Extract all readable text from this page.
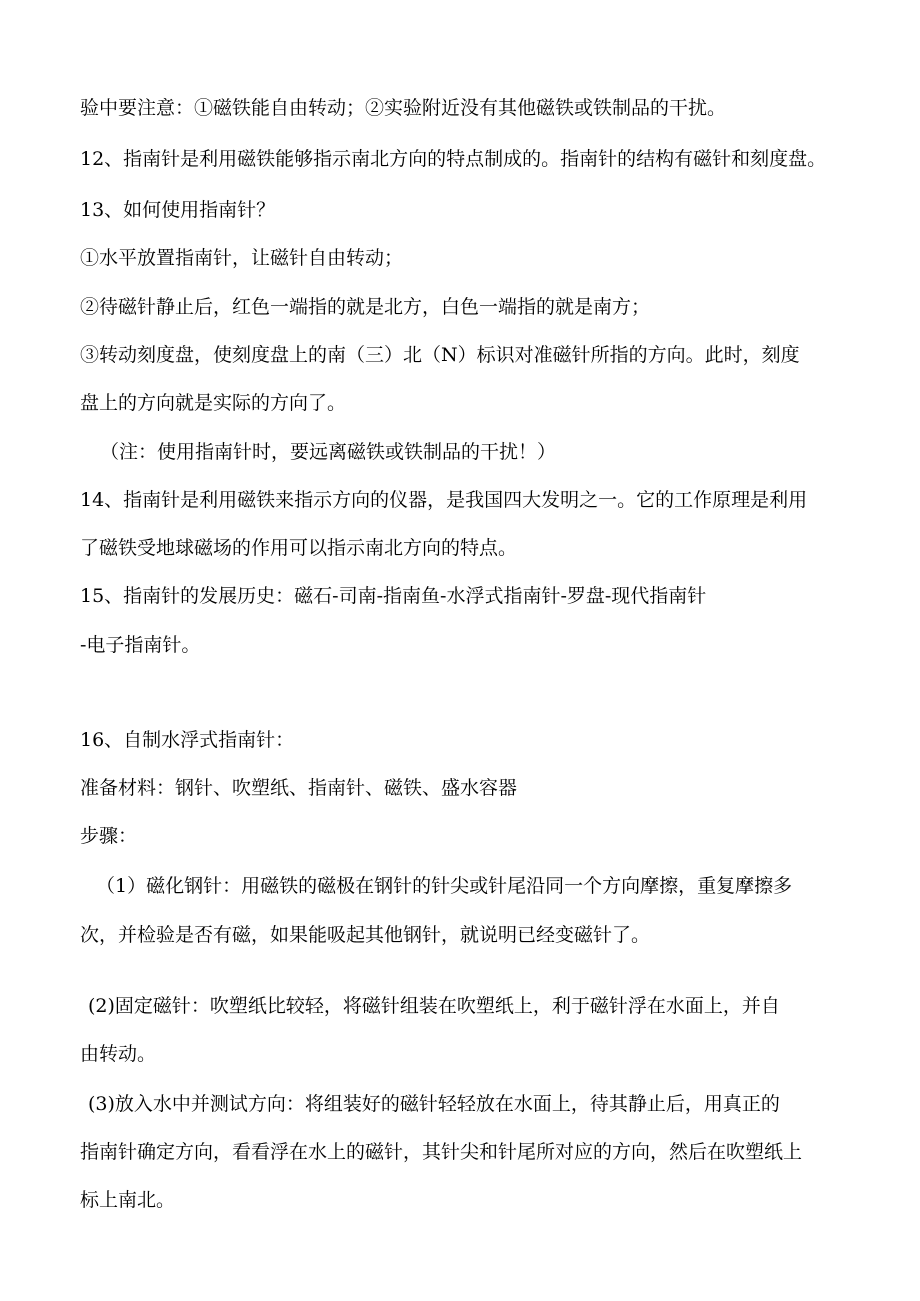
验中要注意：①磁铁能自由转动；②实验附近没有其他磁铁或铁制品的干扰。
12、指南针是利用磁铁能够指示南北方向的特点制成的。指南针的结构有磁针和刻度盘。
13、如何使用指南针？
①水平放置指南针，让磁针自由转动；
②待磁针静止后，红色一端指的就是北方，白色一端指的就是南方；
③转动刻度盘，使刻度盘上的南（三）北（N）标识对准磁针所指的方向。此时，刻度
盘上的方向就是实际的方向了。
（注：使用指南针时，要远离磁铁或铁制品的干扰！）
14、指南针是利用磁铁来指示方向的仪器，是我国四大发明之一。它的工作原理是利用
了磁铁受地球磁场的作用可以指示南北方向的特点。
15、指南针的发展历史：磁石-司南-指南鱼-水浮式指南针-罗盘-现代指南针
-电子指南针。
16、自制水浮式指南针：
准备材料：钢针、吹塑纸、指南针、磁铁、盛水容器
步骤：
（1）磁化钢针：用磁铁的磁极在钢针的针尖或针尾沿同一个方向摩擦，重复摩擦多
次，并检验是否有磁，如果能吸起其他钢针，就说明已经变磁针了。
(2)固定磁针：吹塑纸比较轻，将磁针组装在吹塑纸上，利于磁针浮在水面上，并自
由转动。
(3)放入水中并测试方向：将组装好的磁针轻轻放在水面上，待其静止后，用真正的
指南针确定方向，看看浮在水上的磁针，其针尖和针尾所对应的方向，然后在吹塑纸上
标上南北。
